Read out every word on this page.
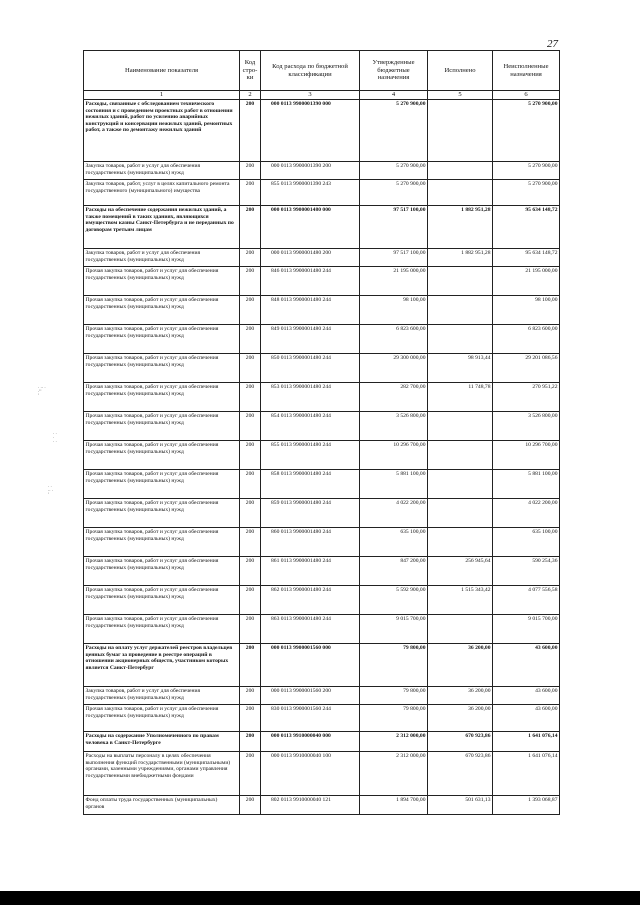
27
Наименование показателя	Код стро-ки	Код расхода по бюджетной классификации	Утвержденные бюджетные назначения	Исполнено	Неисполненные назначения
1	2	3	4	5	6
Расходы, связанные с обследованием технического состояния и с проведением проектных работ в отношении нежилых зданий, работ по усилению аварийных конструкций и консервации нежилых зданий, ремонтных работ, а также по демонтажу нежилых зданий	200	000 0113 9900001390 000	5 270 900,00		5 270 900,00
Закупка товаров, работ и услуг для обеспечения государственных (муниципальных) нужд	200	000 0113 9900001390 200	5 270 900,00		5 270 900,00
Закупка товаров, работ, услуг в целях капитального ремонта государственного (муниципального) имущества	200	855 0113 9900001390 243	5 270 900,00		5 270 900,00
Расходы на обеспечение содержания нежилых зданий, а также помещений в таких зданиях, являющихся имуществом казны Санкт-Петербурга и не переданных по договорам третьим лицам	200	000 0113 9900001480 000	97 517 100,00	1 882 951,28	95 634 148,72
Закупка товаров, работ и услуг для обеспечения государственных (муниципальных) нужд	200	000 0113 9900001480 200	97 517 100,00	1 882 951,28	95 634 148,72
Прочая закупка товаров, работ и услуг для обеспечения государственных (муниципальных) нужд	200	846 0113 9900001480 244	21 195 000,00		21 195 000,00
Прочая закупка товаров, работ и услуг для обеспечения государственных (муниципальных) нужд	200	848 0113 9900001480 244	98 100,00		98 100,00
Прочая закупка товаров, работ и услуг для обеспечения государственных (муниципальных) нужд	200	849 0113 9900001480 244	6 823 600,00		6 823 600,00
Прочая закупка товаров, работ и услуг для обеспечения государственных (муниципальных) нужд	200	850 0113 9900001480 244	29 300 000,00	98 913,44	29 201 086,56
Прочая закупка товаров, работ и услуг для обеспечения государственных (муниципальных) нужд	200	853 0113 9900001480 244	282 700,00	11 748,78	270 951,22
Прочая закупка товаров, работ и услуг для обеспечения государственных (муниципальных) нужд	200	854 0113 9900001480 244	3 526 800,00		3 526 800,00
Прочая закупка товаров, работ и услуг для обеспечения государственных (муниципальных) нужд	200	855 0113 9900001480 244	10 296 700,00		10 296 700,00
Прочая закупка товаров, работ и услуг для обеспечения государственных (муниципальных) нужд	200	858 0113 9900001480 244	5 881 100,00		5 881 100,00
Прочая закупка товаров, работ и услуг для обеспечения государственных (муниципальных) нужд	200	859 0113 9900001480 244	4 022 200,00		4 022 200,00
Прочая закупка товаров, работ и услуг для обеспечения государственных (муниципальных) нужд	200	860 0113 9900001480 244	635 100,00		635 100,00
Прочая закупка товаров, работ и услуг для обеспечения государственных (муниципальных) нужд	200	861 0113 9900001480 244	847 200,00	256 945,64	590 254,36
Прочая закупка товаров, работ и услуг для обеспечения государственных (муниципальных) нужд	200	862 0113 9900001480 244	5 592 900,00	1 515 343,42	4 077 556,58
Прочая закупка товаров, работ и услуг для обеспечения государственных (муниципальных) нужд	200	863 0113 9900001480 244	9 015 700,00		9 015 700,00
Расходы на оплату услуг держателей реестров владельцев ценных бумаг за проведение в реестре операций в отношении акционерных обществ, участником которых является Санкт-Петербург	200	000 0113 9900001560 000	79 800,00	36 200,00	43 600,00
Закупка товаров, работ и услуг для обеспечения государственных (муниципальных) нужд	200	000 0113 9900001560 200	79 800,00	36 200,00	43 600,00
Прочая закупка товаров, работ и услуг для обеспечения государственных (муниципальных) нужд	200	830 0113 9900001560 244	79 800,00	36 200,00	43 600,00
Расходы на содержание Уполномоченного по правам человека в Санкт-Петербурге	200	000 0113 9910000040 000	2 312 000,00	670 923,86	1 641 076,14
Расходы на выплаты персоналу в целях обеспечения выполнения функций государственными (муниципальными) органами, казенными учреждениями, органами управления государственными внебюджетными фондами	200	000 0113 9910000040 100	2 312 000,00	670 923,86	1 641 076,14
Фонд оплаты труда государственных (муниципальных) органов	200	802 0113 9910000040 121	1 894 700,00	501 631,13	1 393 068,87
· ·· ·
·''
'
· ·
·
· ·
· ·
·· ·
'
